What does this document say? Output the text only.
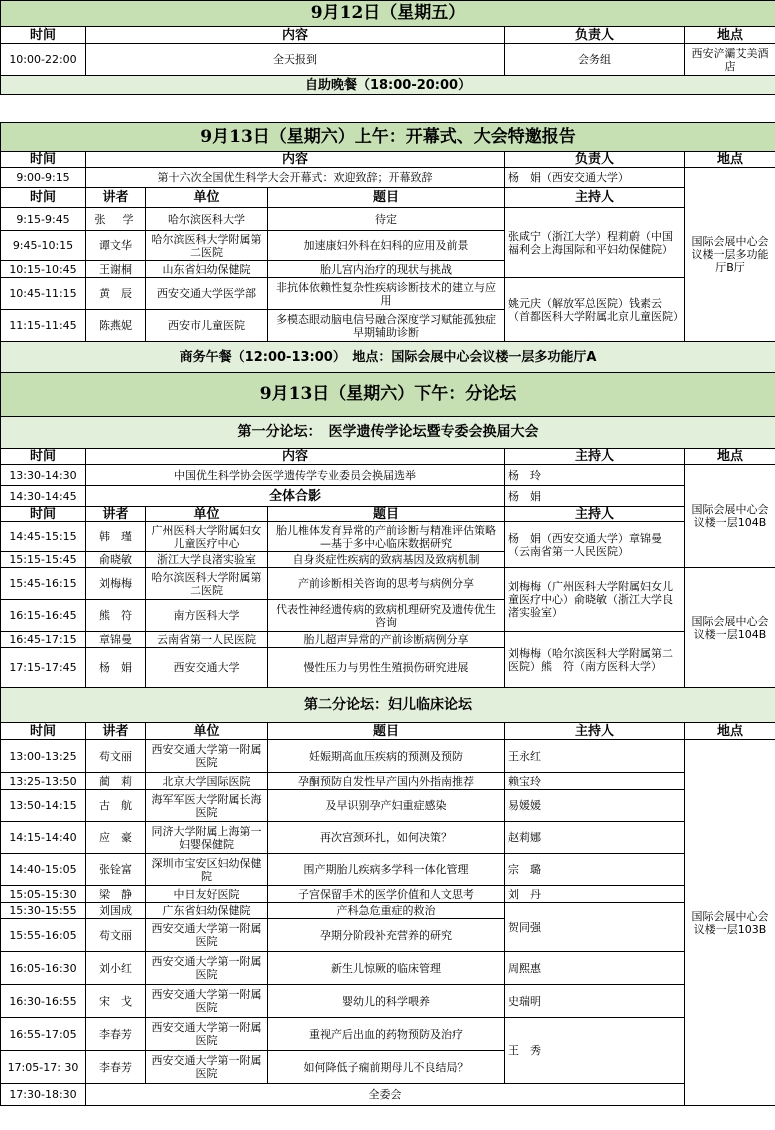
9月12日（星期五）					
时间	内容			负责人	地点
10:00-22:00	全天报到			会务组	西安浐灞艾美酒店
自助晚餐（18:00-20:00）					

9月13日（星期六）上午：开幕式、大会特邀报告					
时间	内容			负责人	地点
9:00-9:15	第十六次全国优生科学大会开幕式：欢迎致辞；开幕致辞			杨　娟（西安交通大学）	国际会展中心会议楼一层多功能厅B厅
时间	讲者	单位	题目	主持人	
9:15-9:45	张　学	哈尔滨医科大学	待定	张咸宁（浙江大学）程莉蔚（中国福利会上海国际和平妇幼保健院）	
9:45-10:15	谭文华	哈尔滨医科大学附属第二医院	加速康妇外科在妇科的应用及前景		
10:15-10:45	王谢桐	山东省妇幼保健院	胎儿宫内治疗的现状与挑战		
10:45-11:15	黄　辰	西安交通大学医学部	非抗体依赖性复杂性疾病诊断技术的建立与应用	姚元庆（解放军总医院）钱素云（首都医科大学附属北京儿童医院）	
11:15-11:45	陈燕妮	西安市儿童医院	多模态眼动脑电信号融合深度学习赋能孤独症早期辅助诊断		
商务午餐（12:00-13:00）　地点：国际会展中心会议楼一层多功能厅A					
9月13日（星期六）下午：分论坛					
第一分论坛：　医学遗传学论坛暨专委会换届大会					
时间	内容			主持人	地点
13:30-14:30	中国优生科学协会医学遗传学专业委员会换届选举			杨　玲	国际会展中心会议楼一层104B
14:30-14:45	全体合影			杨　娟	
时间	讲者	单位	题目	主持人	
14:45-15:15	韩　瑾	广州医科大学附属妇女儿童医疗中心	胎儿椎体发育异常的产前诊断与精准评估策略 —基于多中心临床数据研究	杨　娟（西安交通大学）章锦曼（云南省第一人民医院）	
15:15-15:45	俞晓敏	浙江大学良渚实验室	自身炎症性疾病的致病基因及致病机制		
15:45-16:15	刘梅梅	哈尔滨医科大学附属第二医院	产前诊断相关咨询的思考与病例分享	刘梅梅（广州医科大学附属妇女儿童医疗中心）俞晓敏（浙江大学良渚实验室）	国际会展中心会议楼一层104B
16:15-16:45	熊　符	南方医科大学	代表性神经遗传病的致病机理研究及遗传优生咨询		
16:45-17:15	章锦曼	云南省第一人民医院	胎儿超声异常的产前诊断病例分享	刘梅梅（哈尔滨医科大学附属第二医院）熊　符（南方医科大学）	
17:15-17:45	杨　娟	西安交通大学	慢性压力与男性生殖损伤研究进展		
第二分论坛：妇儿临床论坛					
时间	讲者	单位	题目	主持人	地点
13:00-13:25	苟文丽	西安交通大学第一附属医院	妊娠期高血压疾病的预测及预防	王永红	国际会展中心会议楼一层103B
13:25-13:50	蔺　莉	北京大学国际医院	孕酮预防自发性早产国内外指南推荐	赖宝玲	
13:50-14:15	古　航	海军军医大学附属长海医院	及早识别孕产妇重症感染	易媛媛	
14:15-14:40	应　豪	同济大学附属上海第一妇婴保健院	再次宫颈环扎，如何决策？	赵莉娜	
14:40-15:05	张铨富	深圳市宝安区妇幼保健院	围产期胎儿疾病多学科一体化管理	宗　璐	
15:05-15:30	梁　静	中日友好医院	子宫保留手术的医学价值和人文思考	刘　丹	
15:30-15:55	刘国成	广东省妇幼保健院	产科急危重症的救治	贺同强	
15:55-16:05	苟文丽	西安交通大学第一附属医院	孕期分阶段补充营养的研究		
16:05-16:30	刘小红	西安交通大学第一附属医院	新生儿惊厥的临床管理	周熙惠	
16:30-16:55	宋　戈	西安交通大学第一附属医院	婴幼儿的科学喂养	史瑞明	
16:55-17:05	李春芳	西安交通大学第一附属医院	重视产后出血的药物预防及治疗	王　秀	
17:05-17: 30	李春芳	西安交通大学第一附属医院	如何降低子痫前期母儿不良结局？		
17:30-18:30	全委会				
